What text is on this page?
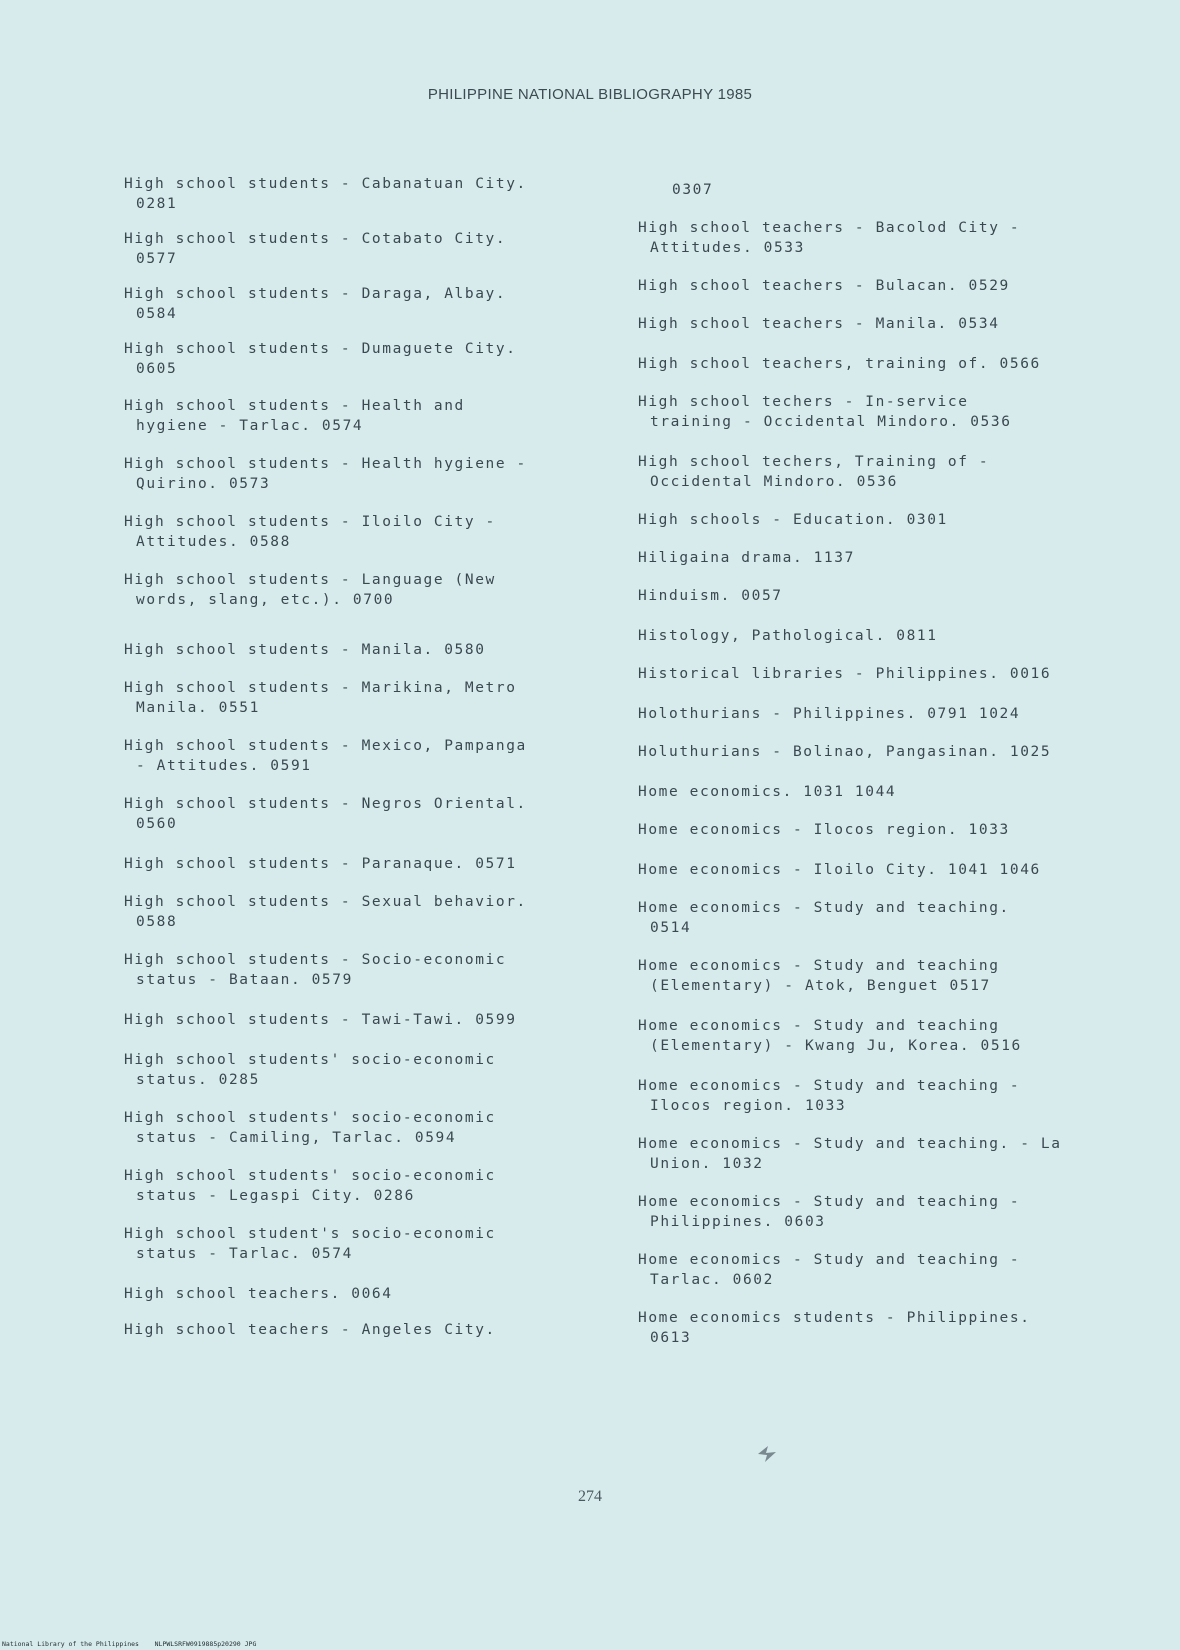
PHILIPPINE NATIONAL BIBLIOGRAPHY 1985
High school students - Cabanatuan City.
0281
High school students - Cotabato City.
0577
High school students - Daraga, Albay.
0584
High school students - Dumaguete City.
0605
High school students - Health and
hygiene - Tarlac. 0574
High school students - Health hygiene -
Quirino. 0573
High school students - Iloilo City -
Attitudes. 0588
High school students - Language (New
words, slang, etc.). 0700
High school students - Manila. 0580
High school students - Marikina, Metro
Manila. 0551
High school students - Mexico, Pampanga
- Attitudes. 0591
High school students - Negros Oriental.
0560
High school students - Paranaque. 0571
High school students - Sexual behavior.
0588
High school students - Socio-economic
status - Bataan. 0579
High school students - Tawi-Tawi. 0599
High school students' socio-economic
status. 0285
High school students' socio-economic
status - Camiling, Tarlac. 0594
High school students' socio-economic
status - Legaspi City. 0286
High school student's socio-economic
status - Tarlac. 0574
High school teachers. 0064
High school teachers - Angeles City.
0307
High school teachers - Bacolod City -
Attitudes. 0533
High school teachers - Bulacan. 0529
High school teachers - Manila. 0534
High school teachers, training of. 0566
High school techers - In-service
training - Occidental Mindoro. 0536
High school techers, Training of -
Occidental Mindoro. 0536
High schools - Education. 0301
Hiligaina drama. 1137
Hinduism. 0057
Histology, Pathological. 0811
Historical libraries - Philippines. 0016
Holothurians - Philippines. 0791 1024
Holuthurians - Bolinao, Pangasinan. 1025
Home economics. 1031 1044
Home economics - Ilocos region. 1033
Home economics - Iloilo City. 1041 1046
Home economics - Study and teaching.
0514
Home economics - Study and teaching
(Elementary) - Atok, Benguet 0517
Home economics - Study and teaching
(Elementary) - Kwang Ju, Korea. 0516
Home economics - Study and teaching -
Ilocos region. 1033
Home economics - Study and teaching. - La
Union. 1032
Home economics - Study and teaching -
Philippines. 0603
Home economics - Study and teaching -
Tarlac. 0602
Home economics students - Philippines.
0613
274
National Library of the Philippines    NLPWLSRFW0919885p20290 JPG
